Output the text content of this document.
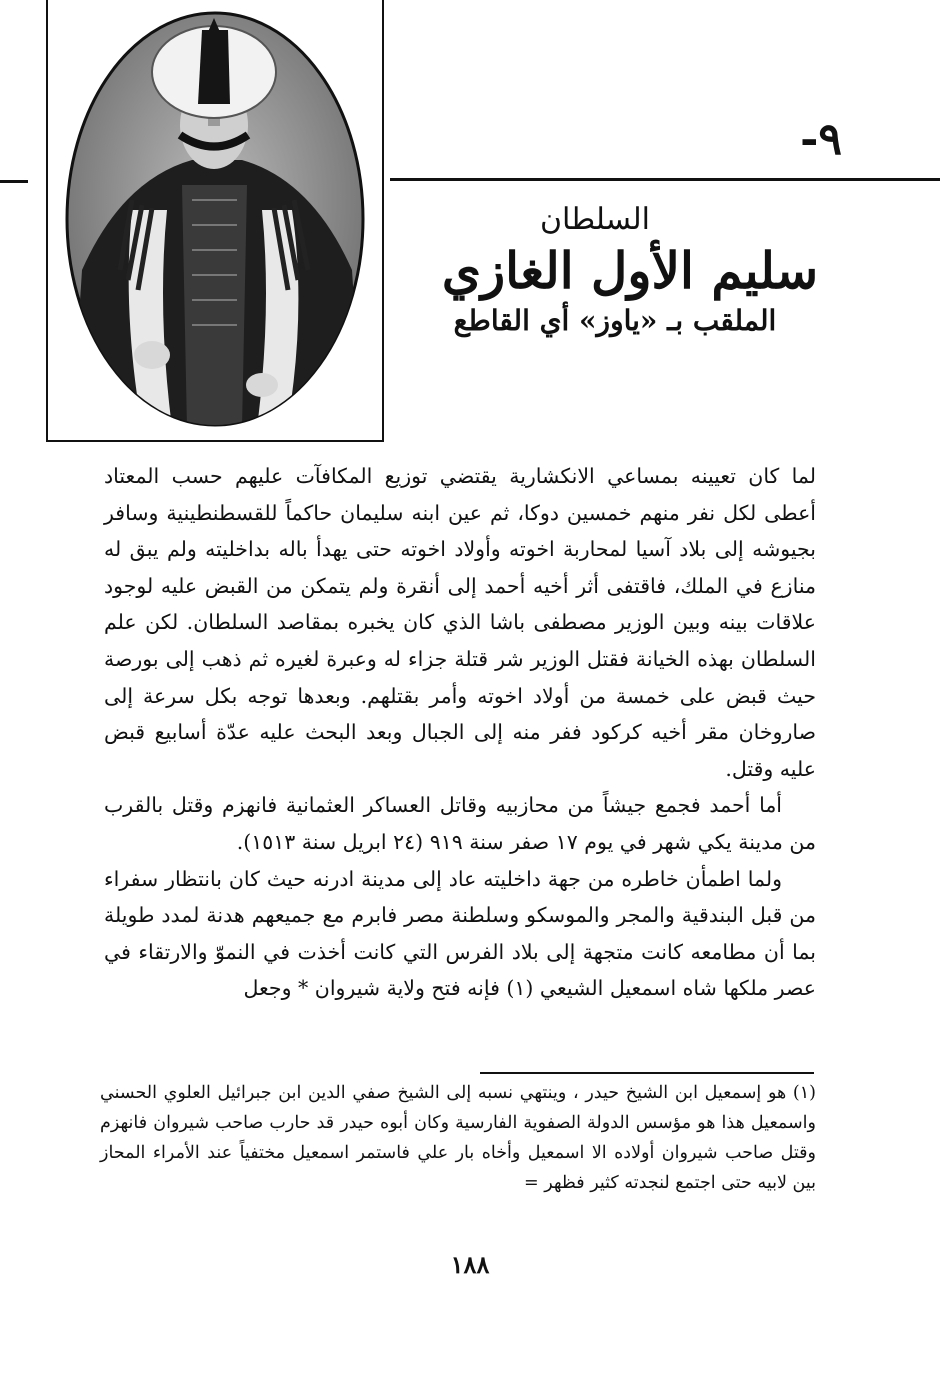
٩-
السلطان
سليم الأول الغازي
الملقب بـ «ياوز» أي القاطع

لما كان تعيينه بمساعي الانكشارية يقتضي توزيع المكافآت عليهم حسب المعتاد أعطى لكل نفر منهم خمسين دوكا، ثم عين ابنه سليمان حاكماً للقسطنطينية وسافر بجيوشه إلى بلاد آسيا لمحاربة اخوته وأولاد اخوته حتى يهدأ باله بداخليته ولم يبق له منازع في الملك، فاقتفى أثر أخيه أحمد إلى أنقرة ولم يتمكن من القبض عليه لوجود علاقات بينه وبين الوزير مصطفى باشا الذي كان يخبره بمقاصد السلطان. لكن علم السلطان بهذه الخيانة فقتل الوزير شر قتلة جزاء له وعبرة لغيره ثم ذهب إلى بورصة حيث قبض على خمسة من أولاد اخوته وأمر بقتلهم. وبعدها توجه بكل سرعة إلى صاروخان مقر أخيه كركود ففر منه إلى الجبال وبعد البحث عليه عدّة أسابيع قبض عليه وقتل.

أما أحمد فجمع جيشاً من محازبيه وقاتل العساكر العثمانية فانهزم وقتل بالقرب من مدينة يكي شهر في يوم ١٧ صفر سنة ٩١٩ (٢٤ ابريل سنة ١٥١٣).

ولما اطمأن خاطره من جهة داخليته عاد إلى مدينة ادرنه حيث كان بانتظار سفراء من قبل البندقية والمجر والموسكو وسلطنة مصر فابرم مع جميعهم هدنة لمدد طويلة بما أن مطامعه كانت متجهة إلى بلاد الفرس التي كانت أخذت في النموّ والارتقاء في عصر ملكها شاه اسمعيل الشيعي (١) فإنه فتح ولاية شيروان * وجعل

(١) هو إسمعيل ابن الشيخ حيدر ، وينتهي نسبه إلى الشيخ صفي الدين ابن جبرائيل العلوي الحسني واسمعيل هذا هو مؤسس الدولة الصفوية الفارسية وكان أبوه حيدر قد حارب صاحب شيروان فانهزم وقتل صاحب شيروان أولاده الا اسمعيل وأخاه بار علي فاستمر اسمعيل مختفياً عند الأمراء المحاز بين لابيه حتى اجتمع لنجدته كثير فظهر =

١٨٨
